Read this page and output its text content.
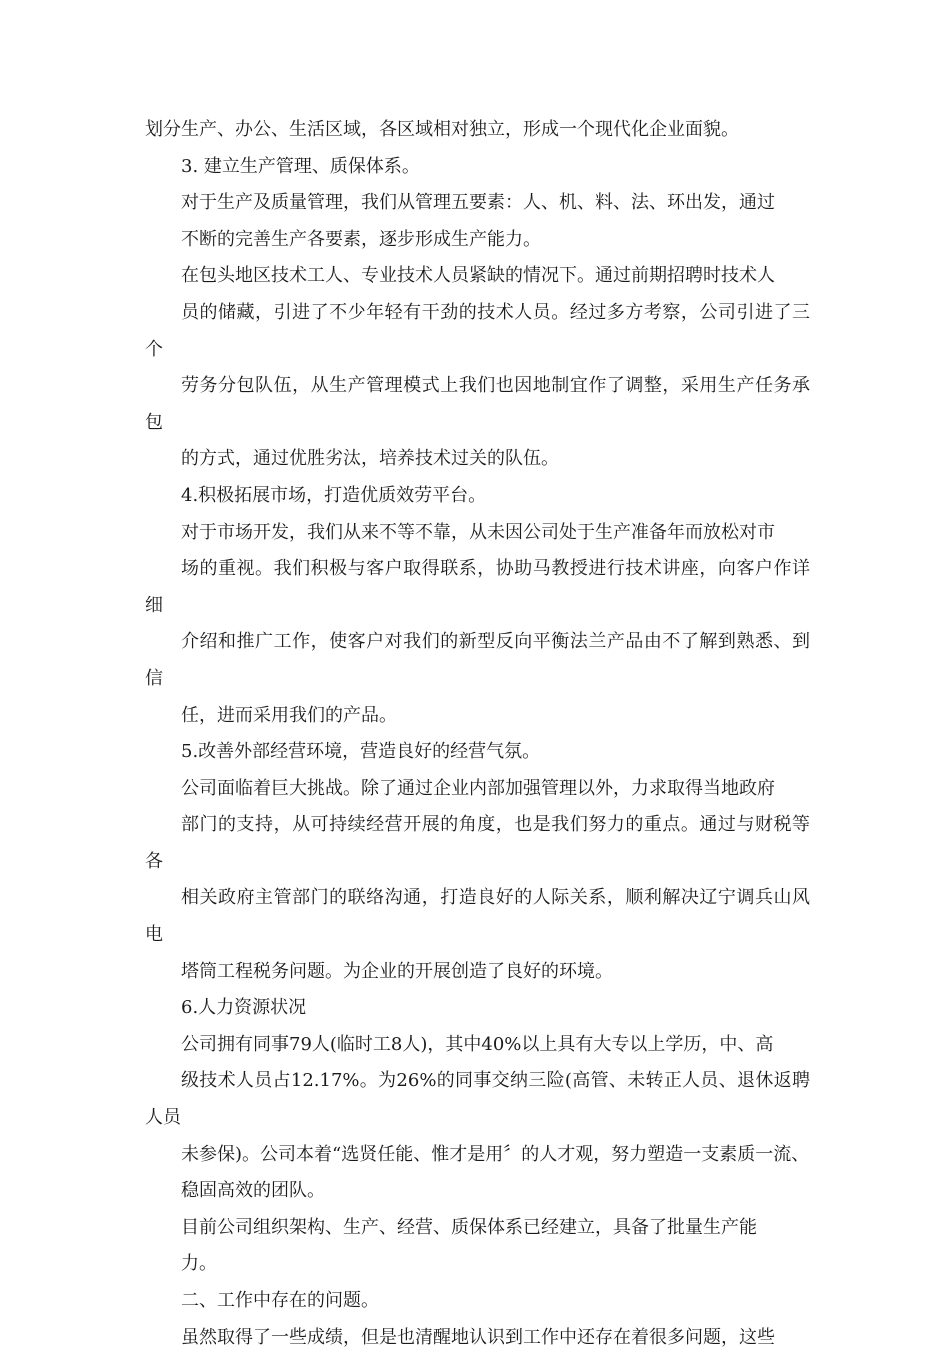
划分生产、办公、生活区域，各区域相对独立，形成一个现代化企业面貌。

3. 建立生产管理、质保体系。

对于生产及质量管理，我们从管理五要素：人、机、料、法、环出发，通过
不断的完善生产各要素，逐步形成生产能力。

在包头地区技术工人、专业技术人员紧缺的情况下。通过前期招聘时技术人
员的储藏，引进了不少年轻有干劲的技术人员。经过多方考察，公司引进了三个
劳务分包队伍，从生产管理模式上我们也因地制宜作了调整，采用生产任务承包
的方式，通过优胜劣汰，培养技术过关的队伍。

4.积极拓展市场，打造优质效劳平台。

对于市场开发，我们从来不等不靠，从未因公司处于生产准备年而放松对市
场的重视。我们积极与客户取得联系，协助马教授进行技术讲座，向客户作详细
介绍和推广工作，使客户对我们的新型反向平衡法兰产品由不了解到熟悉、到信
任，进而采用我们的产品。

5.改善外部经营环境，营造良好的经营气氛。

公司面临着巨大挑战。除了通过企业内部加强管理以外，力求取得当地政府
部门的支持，从可持续经营开展的角度，也是我们努力的重点。通过与财税等各
相关政府主管部门的联络沟通，打造良好的人际关系，顺利解决辽宁调兵山风电
塔筒工程税务问题。为企业的开展创造了良好的环境。

6.人力资源状况

公司拥有同事79人(临时工8人)，其中40%以上具有大专以上学历，中、高
级技术人员占12.17%。为26%的同事交纳三险(高管、未转正人员、退休返聘人员
未参保)。公司本着“选贤任能、惟才是用〞的人才观，努力塑造一支素质一流、
稳固高效的团队。

目前公司组织架构、生产、经营、质保体系已经建立，具备了批量生产能
力。

二、工作中存在的问题。

虽然取得了一些成绩，但是也清醒地认识到工作中还存在着很多问题，这些
